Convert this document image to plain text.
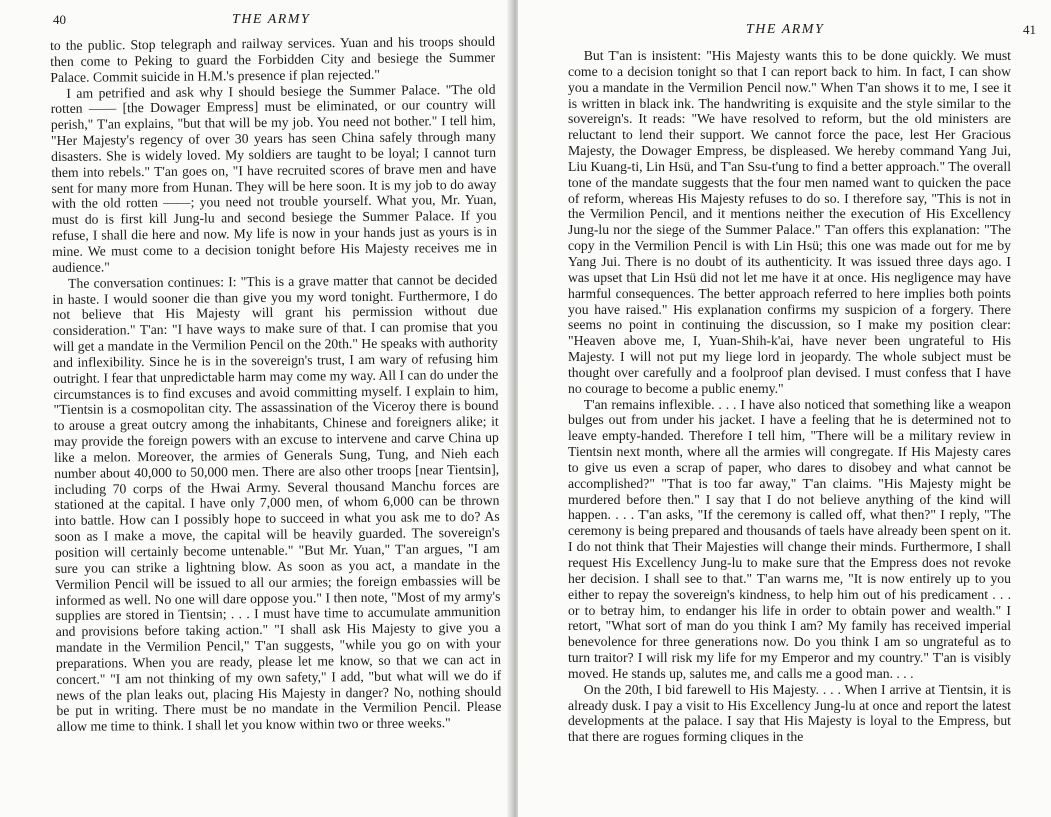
40	THE ARMY

to the public. Stop telegraph and railway services. Yuan and his troops should then come to Peking to guard the Forbidden City and besiege the Summer Palace. Commit suicide in H.M.'s presence if plan rejected."

I am petrified and ask why I should besiege the Summer Palace. "The old rotten —— [the Dowager Empress] must be eliminated, or our country will perish," T'an explains, "but that will be my job. You need not bother." I tell him, "Her Majesty's regency of over 30 years has seen China safely through many disasters. She is widely loved. My soldiers are taught to be loyal; I cannot turn them into rebels." T'an goes on, "I have recruited scores of brave men and have sent for many more from Hunan. They will be here soon. It is my job to do away with the old rotten ——; you need not trouble yourself. What you, Mr. Yuan, must do is first kill Jung-lu and second besiege the Summer Palace. If you refuse, I shall die here and now. My life is now in your hands just as yours is in mine. We must come to a decision tonight before His Majesty receives me in audience."

The conversation continues: I: "This is a grave matter that cannot be decided in haste. I would sooner die than give you my word tonight. Furthermore, I do not believe that His Majesty will grant his permission without due consideration." T'an: "I have ways to make sure of that. I can promise that you will get a mandate in the Vermilion Pencil on the 20th." He speaks with authority and inflexibility. Since he is in the sovereign's trust, I am wary of refusing him outright. I fear that unpredictable harm may come my way. All I can do under the circumstances is to find excuses and avoid committing myself. I explain to him, "Tientsin is a cosmopolitan city. The assassination of the Viceroy there is bound to arouse a great outcry among the inhabitants, Chinese and foreigners alike; it may provide the foreign powers with an excuse to intervene and carve China up like a melon. Moreover, the armies of Generals Sung, Tung, and Nieh each number about 40,000 to 50,000 men. There are also other troops [near Tientsin], including 70 corps of the Hwai Army. Several thousand Manchu forces are stationed at the capital. I have only 7,000 men, of whom 6,000 can be thrown into battle. How can I possibly hope to succeed in what you ask me to do? As soon as I make a move, the capital will be heavily guarded. The sovereign's position will certainly become untenable." "But Mr. Yuan," T'an argues, "I am sure you can strike a lightning blow. As soon as you act, a mandate in the Vermilion Pencil will be issued to all our armies; the foreign embassies will be informed as well. No one will dare oppose you." I then note, "Most of my army's supplies are stored in Tientsin; . . . I must have time to accumulate ammunition and provisions before taking action." "I shall ask His Majesty to give you a mandate in the Vermilion Pencil," T'an suggests, "while you go on with your preparations. When you are ready, please let me know, so that we can act in concert." "I am not thinking of my own safety," I add, "but what will we do if news of the plan leaks out, placing His Majesty in danger? No, nothing should be put in writing. There must be no mandate in the Vermilion Pencil. Please allow me time to think. I shall let you know within two or three weeks."

THE ARMY	41

But T'an is insistent: "His Majesty wants this to be done quickly. We must come to a decision tonight so that I can report back to him. In fact, I can show you a mandate in the Vermilion Pencil now." When T'an shows it to me, I see it is written in black ink. The handwriting is exquisite and the style similar to the sovereign's. It reads: "We have resolved to reform, but the old ministers are reluctant to lend their support. We cannot force the pace, lest Her Gracious Majesty, the Dowager Empress, be displeased. We hereby command Yang Jui, Liu Kuang-ti, Lin Hsü, and T'an Ssu-t'ung to find a better approach." The overall tone of the mandate suggests that the four men named want to quicken the pace of reform, whereas His Majesty refuses to do so. I therefore say, "This is not in the Vermilion Pencil, and it mentions neither the execution of His Excellency Jung-lu nor the siege of the Summer Palace." T'an offers this explanation: "The copy in the Vermilion Pencil is with Lin Hsü; this one was made out for me by Yang Jui. There is no doubt of its authenticity. It was issued three days ago. I was upset that Lin Hsü did not let me have it at once. His negligence may have harmful consequences. The better approach referred to here implies both points you have raised." His explanation confirms my suspicion of a forgery. There seems no point in continuing the discussion, so I make my position clear: "Heaven above me, I, Yuan-Shih-k'ai, have never been ungrateful to His Majesty. I will not put my liege lord in jeopardy. The whole subject must be thought over carefully and a foolproof plan devised. I must confess that I have no courage to become a public enemy."

T'an remains inflexible. . . . I have also noticed that something like a weapon bulges out from under his jacket. I have a feeling that he is determined not to leave empty-handed. Therefore I tell him, "There will be a military review in Tientsin next month, where all the armies will congregate. If His Majesty cares to give us even a scrap of paper, who dares to disobey and what cannot be accomplished?" "That is too far away," T'an claims. "His Majesty might be murdered before then." I say that I do not believe anything of the kind will happen. . . . T'an asks, "If the ceremony is called off, what then?" I reply, "The ceremony is being prepared and thousands of taels have already been spent on it. I do not think that Their Majesties will change their minds. Furthermore, I shall request His Excellency Jung-lu to make sure that the Empress does not revoke her decision. I shall see to that." T'an warns me, "It is now entirely up to you either to repay the sovereign's kindness, to help him out of his predicament . . . or to betray him, to endanger his life in order to obtain power and wealth." I retort, "What sort of man do you think I am? My family has received imperial benevolence for three generations now. Do you think I am so ungrateful as to turn traitor? I will risk my life for my Emperor and my country." T'an is visibly moved. He stands up, salutes me, and calls me a good man. . . .

On the 20th, I bid farewell to His Majesty. . . . When I arrive at Tientsin, it is already dusk. I pay a visit to His Excellency Jung-lu at once and report the latest developments at the palace. I say that His Majesty is loyal to the Empress, but that there are rogues forming cliques in the
